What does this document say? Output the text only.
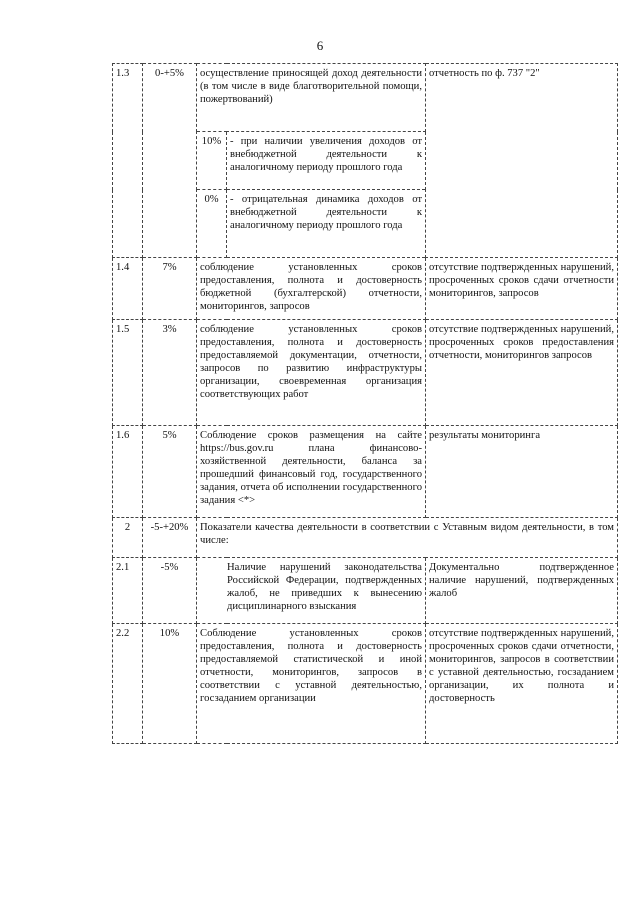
6
1.3	0-+5%	осуществление приносящей доход деятельности (в том числе в виде благотворительной помощи, пожертвований)		отчетность по ф. 737 "2"
		10%	- при наличии увеличения доходов от внебюджетной деятельности к аналогичному периоду прошлого года	
		0%	- отрицательная динамика доходов от внебюджетной деятельности к аналогичному периоду прошлого года	
1.4	7%	соблюдение установленных сроков предоставления, полнота и достоверность бюджетной (бухгалтерской) отчетности, мониторингов, запросов		отсутствие подтвержденных нарушений, просроченных сроков сдачи отчетности мониторингов, запросов
1.5	3%	соблюдение установленных сроков предоставления, полнота и достоверность предоставляемой документации, отчетности, запросов по развитию инфраструктуры организации, своевременная организация соответствующих работ		отсутствие подтвержденных нарушений, просроченных сроков предоставления отчетности, мониторингов запросов
1.6	5%	Соблюдение сроков размещения на сайте https://bus.gov.ru плана финансово-хозяйственной деятельности, баланса за прошедший финансовый год, государственного задания, отчета об исполнении государственного задания <*>		результаты мониторинга
2	-5-+20%	Показатели качества деятельности в соответствии с Уставным видом деятельности, в том числе:		
2.1	-5%	Наличие нарушений законодательства Российской Федерации, подтвержденных жалоб, не приведших к вынесению дисциплинарного взыскания		Документально подтвержденное наличие нарушений, подтвержденных жалоб
2.2	10%	Соблюдение установленных сроков предоставления, полнота и достоверность предоставляемой статистической и иной отчетности, мониторингов, запросов в соответствии с уставной деятельностью, госзаданием организации		отсутствие подтвержденных нарушений, просроченных сроков сдачи отчетности, мониторингов, запросов в соответствии с уставной деятельностью, госзаданием организации, их полнота и достоверность
